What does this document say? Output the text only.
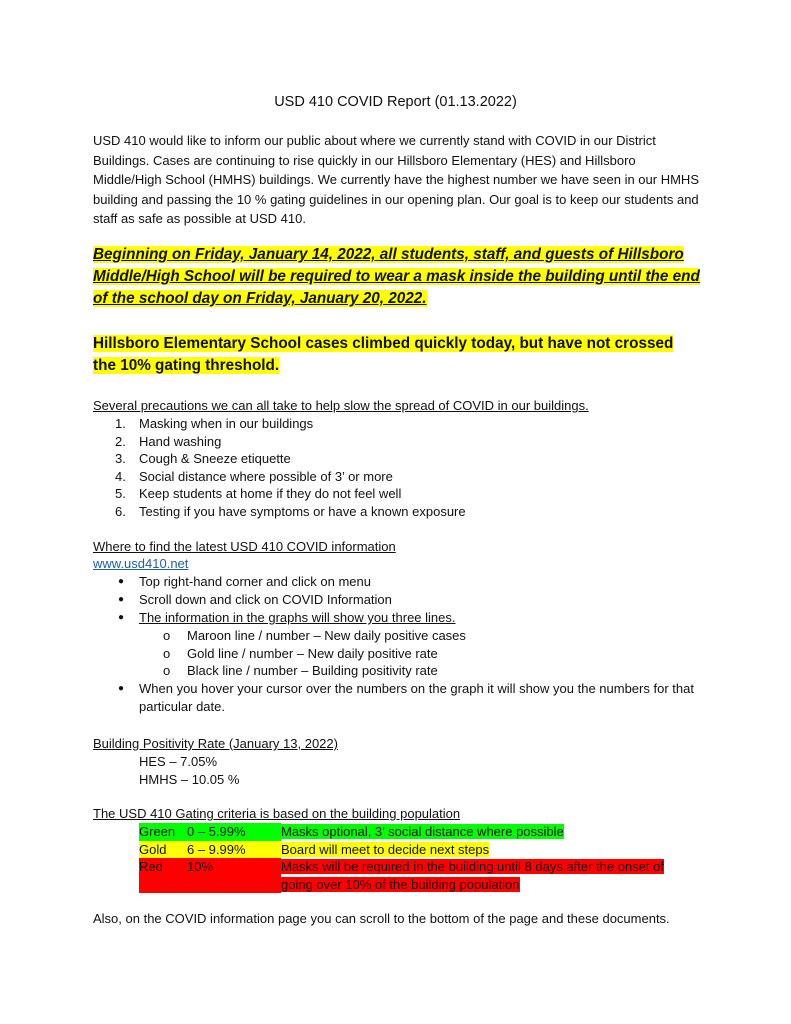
USD 410 COVID Report (01.13.2022)
USD 410 would like to inform our public about where we currently stand with COVID in our District Buildings. Cases are continuing to rise quickly in our Hillsboro Elementary (HES) and Hillsboro Middle/High School (HMHS) buildings. We currently have the highest number we have seen in our HMHS building and passing the 10 % gating guidelines in our opening plan. Our goal is to keep our students and staff as safe as possible at USD 410.
Beginning on Friday, January 14, 2022, all students, staff, and guests of Hillsboro Middle/High School will be required to wear a mask inside the building until the end of the school day on Friday, January 20, 2022.
Hillsboro Elementary School cases climbed quickly today, but have not crossed the 10% gating threshold.
Several precautions we can all take to help slow the spread of COVID in our buildings.
1.	Masking when in our buildings
2.	Hand washing
3.	Cough & Sneeze etiquette
4.	Social distance where possible of 3’ or more
5.	Keep students at home if they do not feel well
6.	Testing if you have symptoms or have a known exposure
Where to find the latest USD 410 COVID information
www.usd410.net
●	Top right-hand corner and click on menu
●	Scroll down and click on COVID Information
●	The information in the graphs will show you three lines.
o	Maroon line / number – New daily positive cases
o	Gold line / number – New daily positive rate
o	Black line / number – Building positivity rate
●	When you hover your cursor over the numbers on the graph it will show you the numbers for that particular date.
Building Positivity Rate (January 13, 2022)
HES – 7.05%
HMHS – 10.05 %
The USD 410 Gating criteria is based on the building population
Green	0 – 5.99%	Masks optional, 3’ social distance where possible
Gold	6 – 9.99%	Board will meet to decide next steps
Red	10%	Masks will be required in the building until 8 days after the onset of going over 10% of the building population
Also, on the COVID information page you can scroll to the bottom of the page and these documents.
